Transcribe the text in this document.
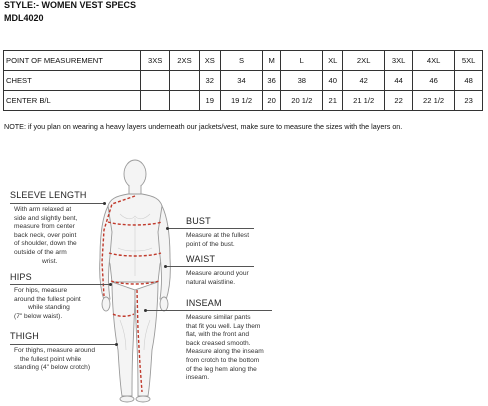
STYLE:- WOMEN VEST SPECS
MDL4020
POINT OF MEASUREMENT	3XS	2XS	XS	S	M	L	XL	2XL	3XL	4XL	5XL
CHEST			32	34	36	38	40	42	44	46	48
CENTER B/L			19	19 1/2	20	20 1/2	21	21 1/2	22	22 1/2	23
NOTE: if you plan on wearing a heavy layers underneath our jackets/vest, make sure to measure the sizes with the layers on.
SLEEVE LENGTH
With arm relaxed at
side and slightly bent,
measure from center
back neck, over point
of shoulder, down the
outside of the arm
wrist.
HIPS
For hips, measure
around the fullest point
while standing
(7" below waist).
THIGH
For thighs, measure around
the fullest point while
standing (4" below crotch)
BUST
Measure at the fullest
point of the bust.
WAIST
Measure around your
natural waistline.
INSEAM
Measure similar pants
that fit you well. Lay them
flat, with the front and
back creased smooth.
Measure along the inseam
from crotch to the bottom
of the leg hem along the
inseam.
